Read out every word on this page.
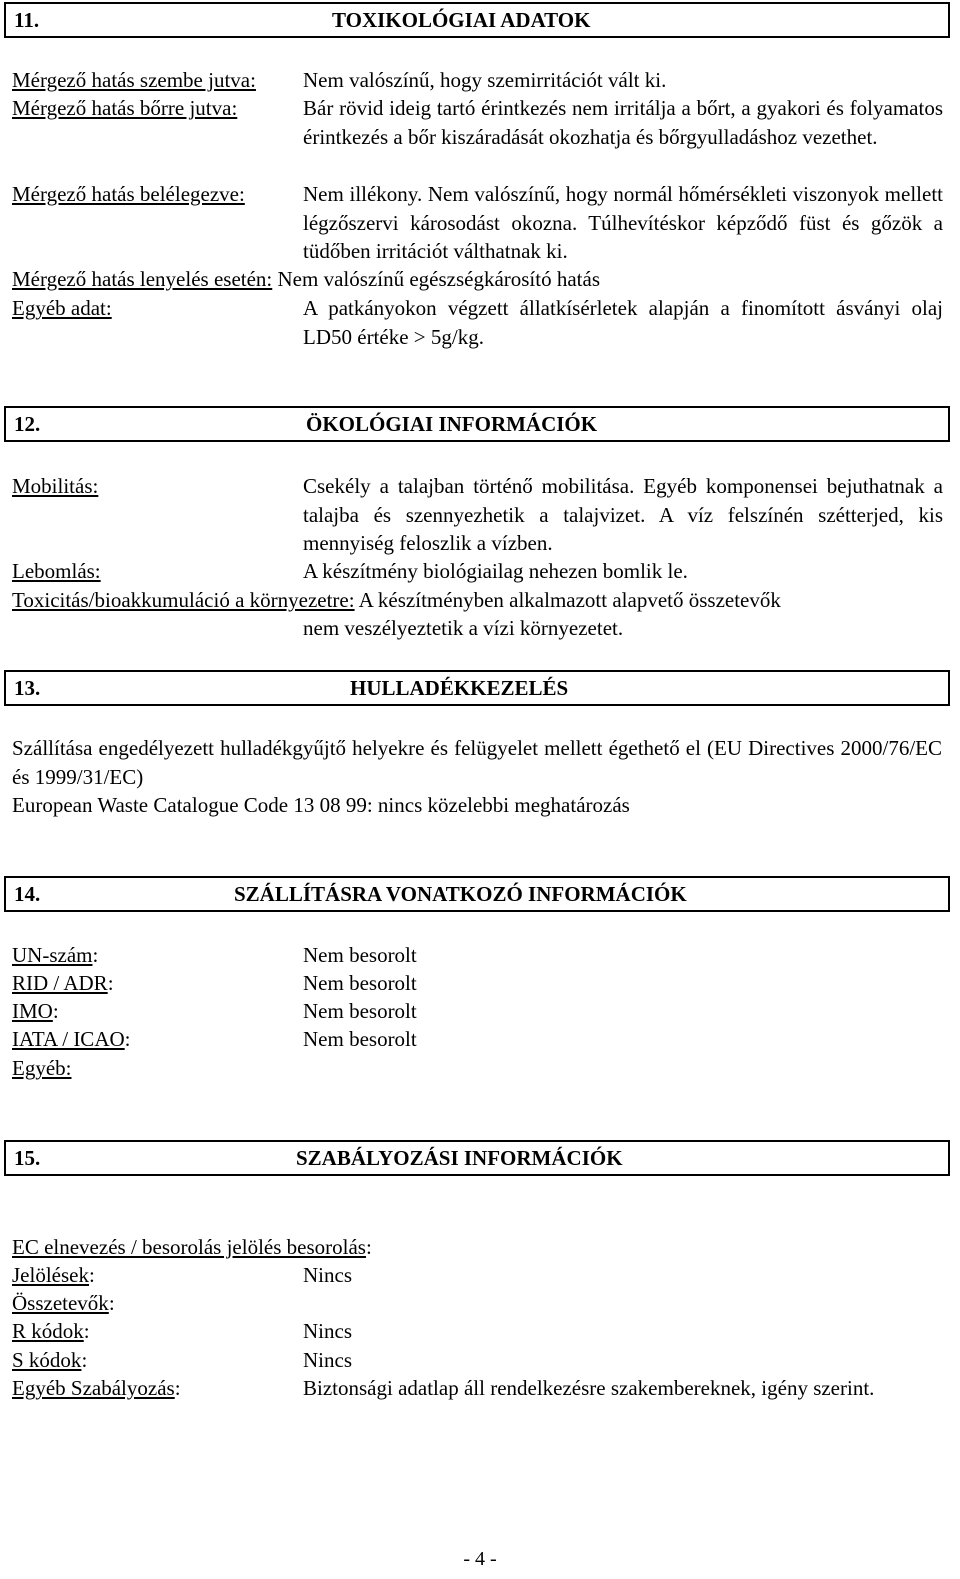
11.	TOXIKOLÓGIAI ADATOK
Mérgező hatás szembe jutva: Nem valószínű, hogy szemirritációt vált ki.
Mérgező hatás bőrre jutva:	Bár rövid ideig tartó érintkezés nem irritálja a bőrt, a gyakori és folyamatos érintkezés a bőr kiszáradását okozhatja és bőrgyulladáshoz vezethet.
Mérgező hatás belélegezve:	Nem illékony. Nem valószínű, hogy normál hőmérsékleti viszonyok mellett légzőszervi károsodást okozna. Túlhevítéskor képződő füst és gőzök a tüdőben irritációt válthatnak ki.
Mérgező hatás lenyelés esetén: Nem valószínű egészségkárosító hatás
Egyéb adat:	A patkányokon végzett állatkísérletek alapján a finomított ásványi olaj LD50 értéke > 5g/kg.
12.	ÖKOLÓGIAI INFORMÁCIÓK
Mobilitás:	Csekély a talajban történő mobilitása. Egyéb komponensei bejuthatnak a talajba és szennyezhetik a talajvizet. A víz felszínén szétterjed, kis mennyiség feloszlik a vízben.
Lebomlás:	A készítmény biológiailag nehezen bomlik le.
Toxicitás/bioakkumuláció a környezetre: A készítményben alkalmazott alapvető összetevők
nem veszélyeztetik a vízi környezetet.
13.	HULLADÉKKEZELÉS
Szállítása engedélyezett hulladékgyűjtő helyekre és felügyelet mellett égethető el (EU Directives 2000/76/EC és 1999/31/EC)
European Waste Catalogue Code 13 08 99: nincs közelebbi meghatározás
14.	SZÁLLÍTÁSRA VONATKOZÓ INFORMÁCIÓK
UN-szám:	Nem besorolt
RID / ADR:	Nem besorolt
IMO:	Nem besorolt
IATA / ICAO:	Nem besorolt
Egyéb:
15.	SZABÁLYOZÁSI INFORMÁCIÓK
EC elnevezés / besorolás jelölés besorolás:
Jelölések:	Nincs
Összetevők:
R kódok:	Nincs
S kódok:	Nincs
Egyéb Szabályozás:	Biztonsági adatlap áll rendelkezésre szakembereknek, igény szerint.
- 4 -
